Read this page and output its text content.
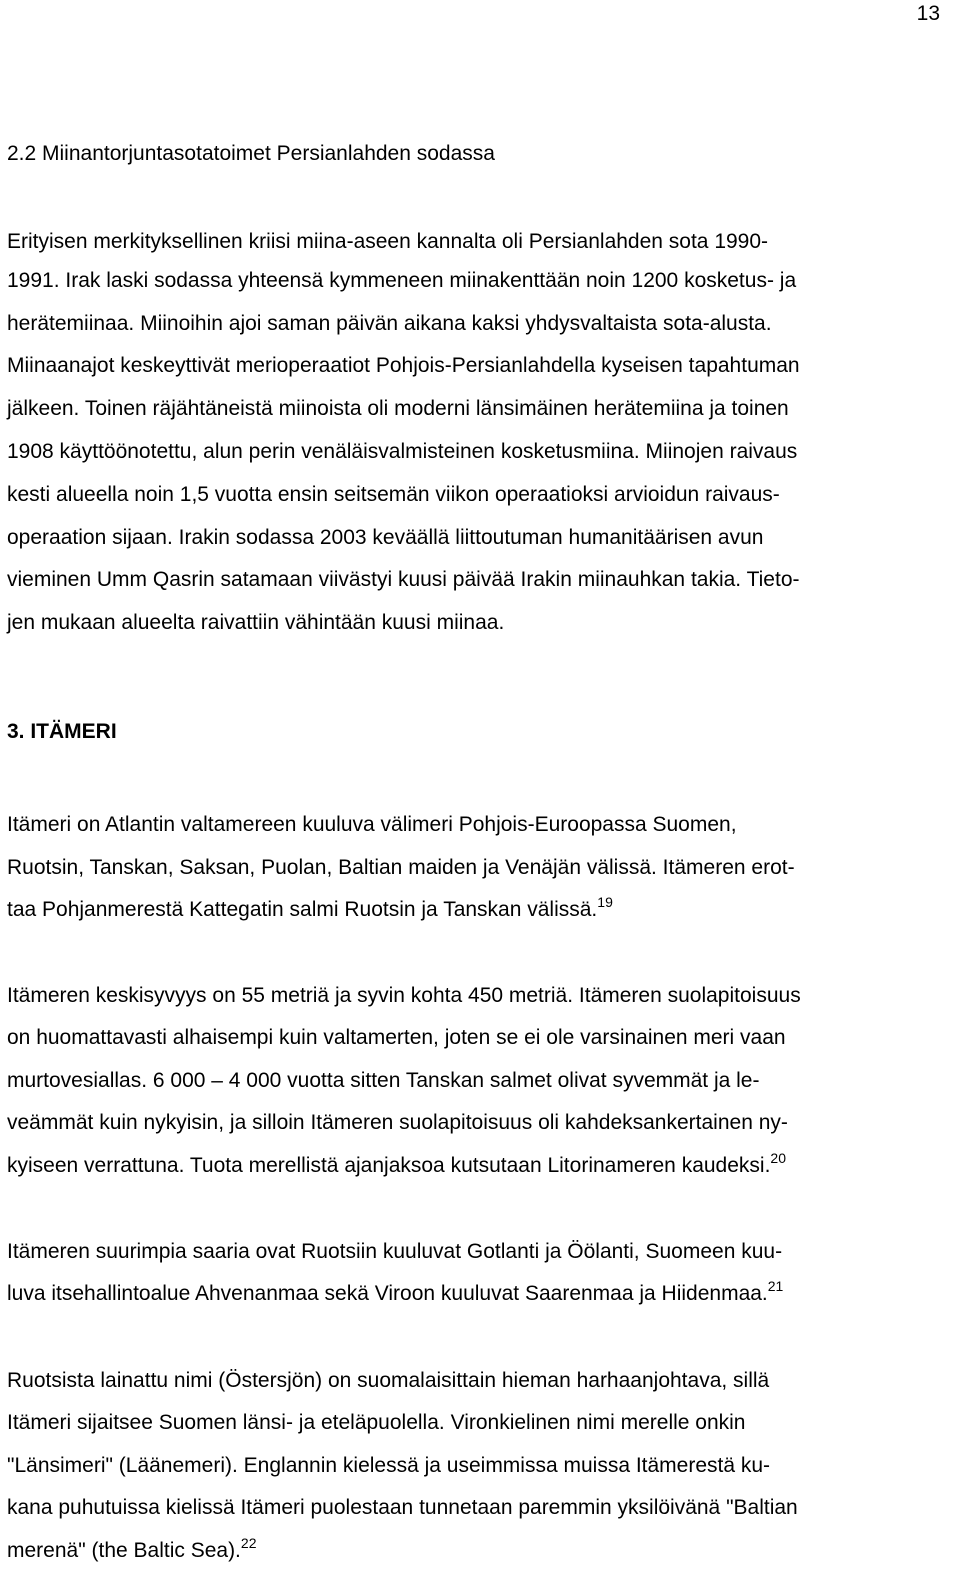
13
2.2 Miinantorjuntasotatoimet Persianlahden sodassa
Erityisen merkityksellinen kriisi miina-aseen kannalta oli Persianlahden sota 1990-
1991. Irak laski sodassa yhteensä kymmeneen miinakenttään noin 1200 kosketus- ja
herätemiinaa. Miinoihin ajoi saman päivän aikana kaksi yhdysvaltaista sota-alusta.
Miinaanajot keskeyttivät merioperaatiot Pohjois-Persianlahdella kyseisen tapahtuman
jälkeen. Toinen räjähtäneistä miinoista oli moderni länsimäinen herätemiina ja toinen
1908 käyttöönotettu, alun perin venäläisvalmisteinen kosketusmiina. Miinojen raivaus
kesti alueella noin 1,5 vuotta ensin seitsemän viikon operaatioksi arvioidun raivaus-
operaation sijaan. Irakin sodassa 2003 keväällä liittoutuman humanitäärisen avun
vieminen Umm Qasrin satamaan viivästyi kuusi päivää Irakin miinauhkan takia. Tieto-
jen mukaan alueelta raivattiin vähintään kuusi miinaa.
3. ITÄMERI
Itämeri on Atlantin valtamereen kuuluva välimeri Pohjois-Euroopassa Suomen,
Ruotsin, Tanskan, Saksan, Puolan, Baltian maiden ja Venäjän välissä. Itämeren erot-
taa Pohjanmerestä Kattegatin salmi Ruotsin ja Tanskan välissä.$^{19}$
Itämeren keskisyvyys on 55 metriä ja syvin kohta 450 metriä. Itämeren suolapitoisuus
on huomattavasti alhaisempi kuin valtamerten, joten se ei ole varsinainen meri vaan
murtovesiallas. 6 000 – 4 000 vuotta sitten Tanskan salmet olivat syvemmät ja le-
veämmät kuin nykyisin, ja silloin Itämeren suolapitoisuus oli kahdeksankertainen ny-
kyiseen verrattuna. Tuota merellistä ajanjaksoa kutsutaan Litorinameren kaudeksi.$^{20}$
Itämeren suurimpia saaria ovat Ruotsiin kuuluvat Gotlanti ja Öölanti, Suomeen kuu-
luva itsehallintoalue Ahvenanmaa sekä Viroon kuuluvat Saarenmaa ja Hiidenmaa.$^{21}$
Ruotsista lainattu nimi (Östersjön) on suomalaisittain hieman harhaanjohtava, sillä
Itämeri sijaitsee Suomen länsi- ja eteläpuolella. Vironkielinen nimi merelle onkin
"Länsimeri" (Läänemeri). Englannin kielessä ja useimmissa muissa Itämerestä ku-
kana puhutuissa kielissä Itämeri puolestaan tunnetaan paremmin yksilöivänä "Baltian
merenä" (the Baltic Sea).$^{22}$
